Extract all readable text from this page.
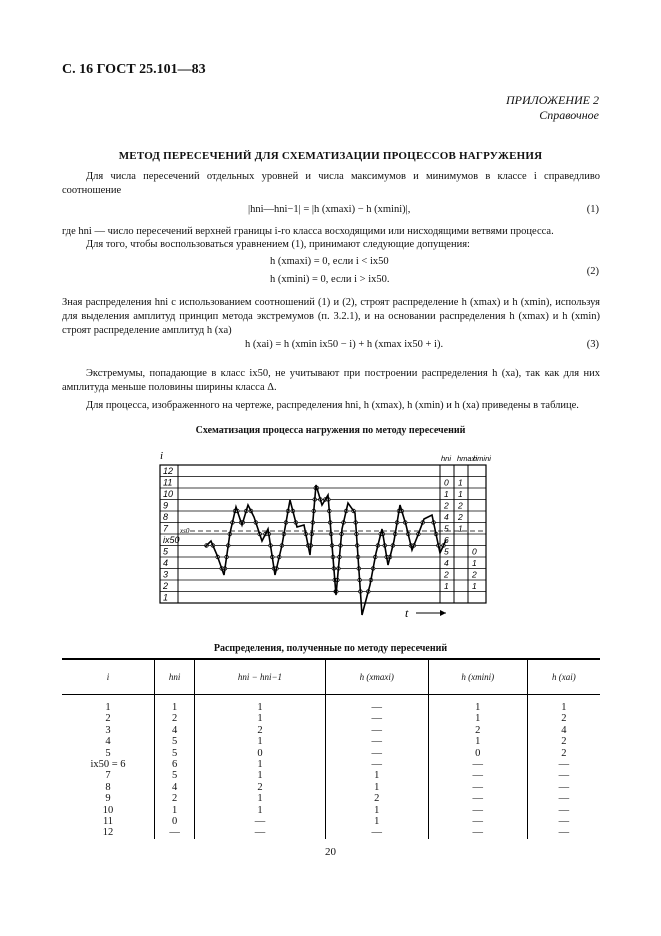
С. 16 ГОСТ 25.101—83
ПРИЛОЖЕНИЕ 2
Справочное
МЕТОД ПЕРЕСЕЧЕНИЙ ДЛЯ СХЕМАТИЗАЦИИ ПРОЦЕССОВ НАГРУЖЕНИЯ
Для числа пересечений отдельных уровней и числа максимумов и минимумов в классе i справедливо соотношение
|hni—hni−1| = |h (xmaxi) − h (xmini)|,	(1)
где hni — число пересечений верхней границы i-го класса восходящими или нисходящими ветвями процесса.
Для того, чтобы воспользоваться уравнением (1), принимают следующие допущения:
h (xmaxi) = 0, если i < ix50
h (xmini) = 0, если i > ix50.
(2)
Зная распределения hni с использованием соотношений (1) и (2), строят распределение h (xmax) и h (xmin), используя для выделения амплитуд принцип метода экстремумов (п. 3.2.1), и на основании распределения h (xmax) и h (xmin) строят распределение амплитуд h (xa)
h (xai) = h (xmin ix50 − i) + h (xmax ix50 + i).	(3)
Экстремумы, попадающие в класс ix50, не учитывают при построении распределения h (xa), так как для них амплитуда меньше половины ширины класса Δ.
Для процесса, изображенного на чертеже, распределения hni, h (xmax), h (xmin) и h (xa) приведены в таблице.
Схематизация процесса нагружения по методу пересечений
xs0
12
11
10
9
8
7
ix50
5
4
3
2
1
hni hmaxi
hmini
0
1
2
4
5
6
5
4
2
1
1
1
2
2
1
0
1
2
1
i
t
Распределения, полученные по методу пересечений
i	hni	hni − hni−1	h (xmaxi)	h (xmini)	h (xai)
1	1	1	—	1	1
2	2	1	—	1	2
3	4	2	—	2	4
4	5	1	—	1	2
5	5	0	—	0	2
ix50 = 6	6	1	—	—	—
7	5	1	1	—	—
8	4	2	1	—	—
9	2	1	2	—	—
10	1	1	1	—	—
11	0	—	1	—	—
12	—	—	—	—	—
20
